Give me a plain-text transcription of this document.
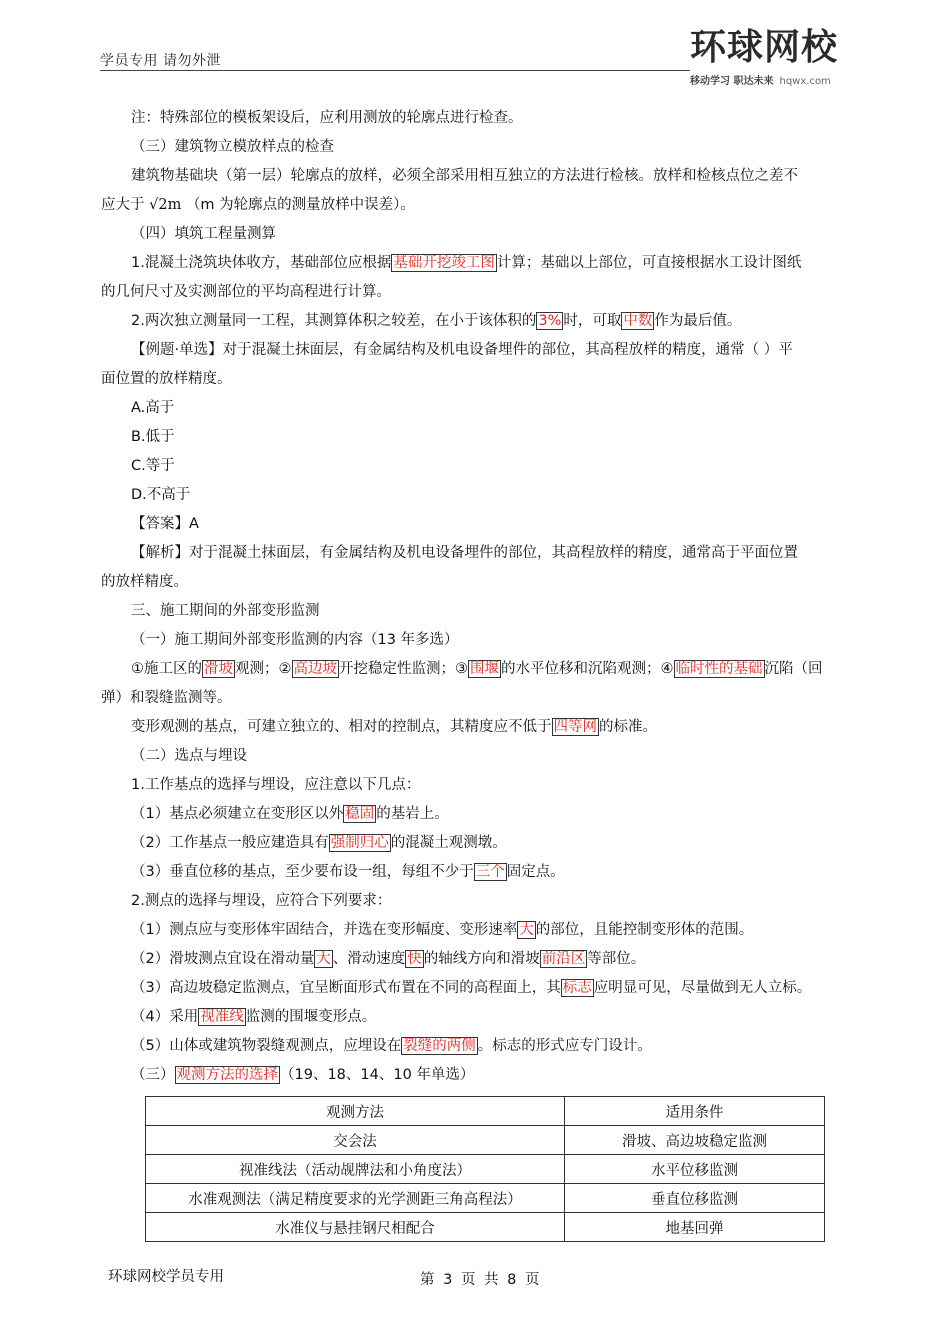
学员专用 请勿外泄	环球网校
移动学习 职达未来 hqwx.com

注：特殊部位的模板架设后，应利用测放的轮廓点进行检查。

（三）建筑物立模放样点的检查

建筑物基础块（第一层）轮廓点的放样，必须全部采用相互独立的方法进行检核。放样和检核点位之差不

应大于 √2m （m 为轮廓点的测量放样中误差）。

（四）填筑工程量测算

1.混凝土浇筑块体收方，基础部位应根据 基础开挖竣工图 计算；基础以上部位，可直接根据水工设计图纸

的几何尺寸及实测部位的平均高程进行计算。

2.两次独立测量同一工程，其测算体积之较差，在小于该体积的 3% 时，可取 中数 作为最后值。

【例题·单选】对于混凝土抹面层，有金属结构及机电设备埋件的部位，其高程放样的精度，通常（ ）平

面位置的放样精度。

A.高于

B.低于

C.等于

D.不高于

【答案】A

【解析】对于混凝土抹面层，有金属结构及机电设备埋件的部位，其高程放样的精度，通常高于平面位置

的放样精度。

三、施工期间的外部变形监测

（一）施工期间外部变形监测的内容（13 年多选）

①施工区的 滑坡 观测；② 高边坡 开挖稳定性监测；③ 围堰 的水平位移和沉陷观测；④ 临时性的基础 沉陷（回

弹）和裂缝监测等。

变形观测的基点，可建立独立的、相对的控制点，其精度应不低于 四等网 的标准。

（二）选点与埋设

1.工作基点的选择与埋设，应注意以下几点：

（1）基点必须建立在变形区以外 稳固 的基岩上。

（2）工作基点一般应建造具有 强制归心 的混凝土观测墩。

（3）垂直位移的基点，至少要布设一组，每组不少于 三个 固定点。

2.测点的选择与埋设，应符合下列要求：

（1）测点应与变形体牢固结合，并选在变形幅度、变形速率 大 的部位，且能控制变形体的范围。

（2）滑坡测点宜设在滑动量 大 、滑动速度 快 的轴线方向和滑坡 前沿区 等部位。

（3）高边坡稳定监测点，宜呈断面形式布置在不同的高程面上，其 标志 应明显可见，尽量做到无人立标。

（4）采用 视准线 监测的围堰变形点。

（5）山体或建筑物裂缝观测点，应埋设在 裂缝的两侧 。标志的形式应专门设计。

（三） 观测方法的选择 （19、18、14、10 年单选）

观测方法	适用条件
交会法	滑坡、高边坡稳定监测
视准线法（活动觇牌法和小角度法）	水平位移监测
水准观测法（满足精度要求的光学测距三角高程法）	垂直位移监测
水准仪与悬挂钢尺相配合	地基回弹
环球网校学员专用	第 3 页 共 8 页
